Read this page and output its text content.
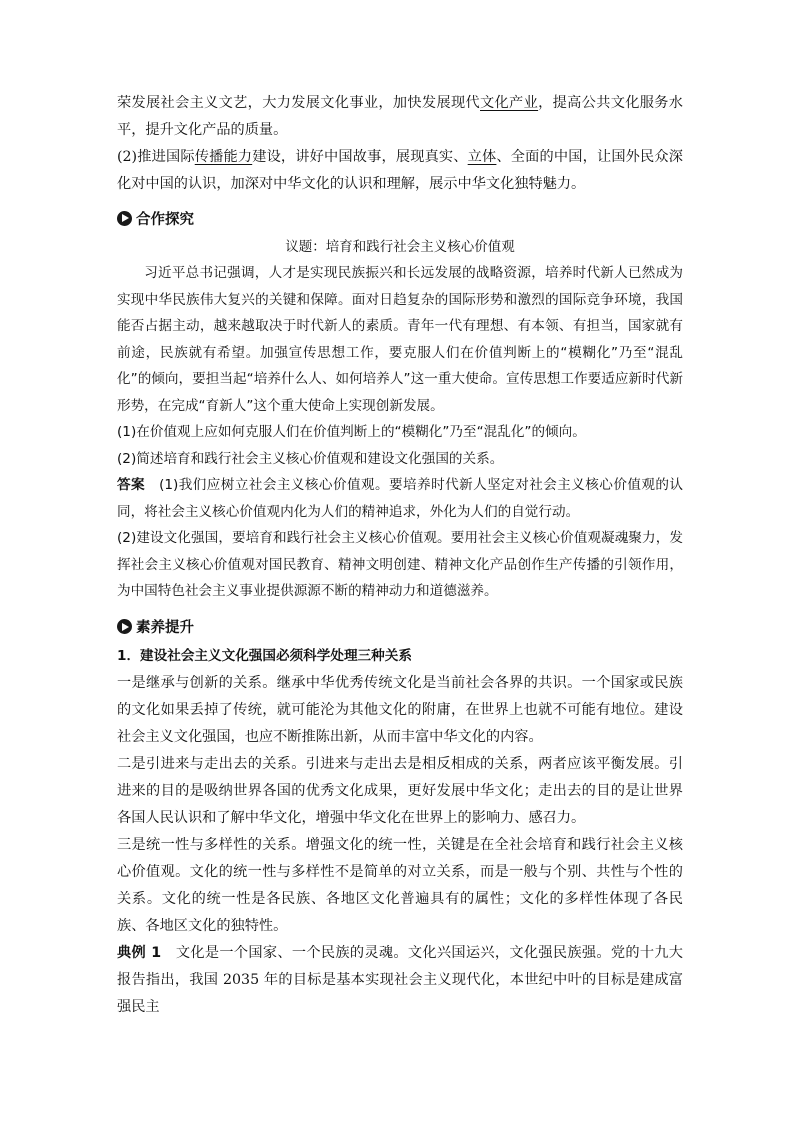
荣发展社会主义文艺，大力发展文化事业，加快发展现代文化产业，提高公共文化服务水平，提升文化产品的质量。

(2)推进国际传播能力建设，讲好中国故事，展现真实、立体、全面的中国，让国外民众深化对中国的认识，加深对中华文化的认识和理解，展示中华文化独特魅力。

合作探究

议题：培育和践行社会主义核心价值观

习近平总书记强调，人才是实现民族振兴和长远发展的战略资源，培养时代新人已然成为实现中华民族伟大复兴的关键和保障。面对日趋复杂的国际形势和激烈的国际竞争环境，我国能否占据主动，越来越取决于时代新人的素质。青年一代有理想、有本领、有担当，国家就有前途，民族就有希望。加强宣传思想工作，要克服人们在价值判断上的“模糊化”乃至“混乱化”的倾向，要担当起“培养什么人、如何培养人”这一重大使命。宣传思想工作要适应新时代新形势，在完成“育新人”这个重大使命上实现创新发展。

(1)在价值观上应如何克服人们在价值判断上的“模糊化”乃至“混乱化”的倾向。

(2)简述培育和践行社会主义核心价值观和建设文化强国的关系。

答案　(1)我们应树立社会主义核心价值观。要培养时代新人坚定对社会主义核心价值观的认同，将社会主义核心价值观内化为人们的精神追求，外化为人们的自觉行动。

(2)建设文化强国，要培育和践行社会主义核心价值观。要用社会主义核心价值观凝魂聚力，发挥社会主义核心价值观对国民教育、精神文明创建、精神文化产品创作生产传播的引领作用，为中国特色社会主义事业提供源源不断的精神动力和道德滋养。

素养提升

1．建设社会主义文化强国必须科学处理三种关系

一是继承与创新的关系。继承中华优秀传统文化是当前社会各界的共识。一个国家或民族的文化如果丢掉了传统，就可能沦为其他文化的附庸，在世界上也就不可能有地位。建设社会主义文化强国，也应不断推陈出新，从而丰富中华文化的内容。

二是引进来与走出去的关系。引进来与走出去是相反相成的关系，两者应该平衡发展。引进来的目的是吸纳世界各国的优秀文化成果，更好发展中华文化；走出去的目的是让世界各国人民认识和了解中华文化，增强中华文化在世界上的影响力、感召力。

三是统一性与多样性的关系。增强文化的统一性，关键是在全社会培育和践行社会主义核心价值观。文化的统一性与多样性不是简单的对立关系，而是一般与个别、共性与个性的关系。文化的统一性是各民族、各地区文化普遍具有的属性；文化的多样性体现了各民族、各地区文化的独特性。

典例 1　文化是一个国家、一个民族的灵魂。文化兴国运兴，文化强民族强。党的十九大报告指出，我国 2035 年的目标是基本实现社会主义现代化，本世纪中叶的目标是建成富强民主
